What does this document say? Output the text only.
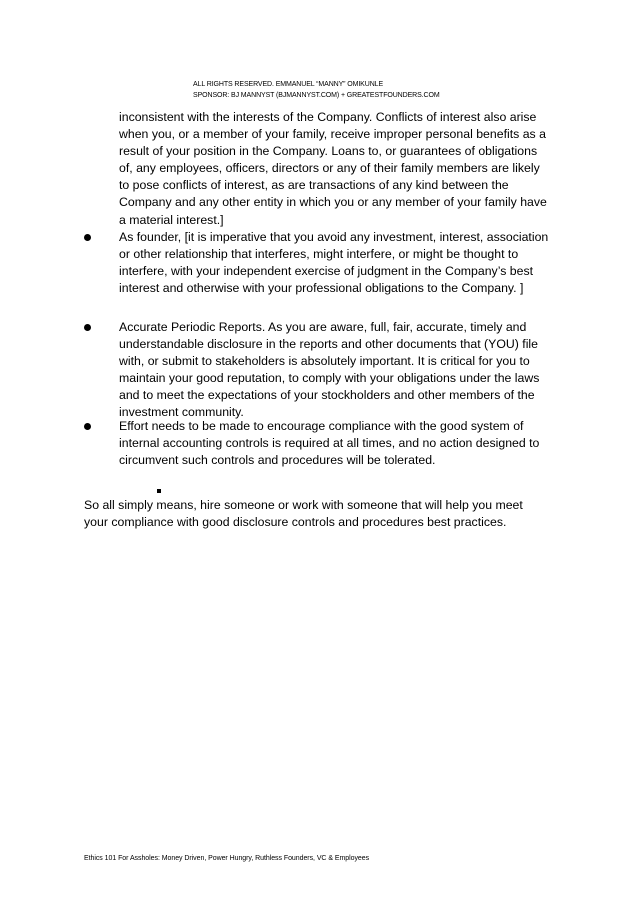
ALL RIGHTS RESERVED. EMMANUEL “MANNY” OMIKUNLE
SPONSOR: BJ MANNYST (BJMANNYST.COM) + GREATESTFOUNDERS.COM
inconsistent with the interests of the Company. Conflicts of interest also arise when you, or a member of your family, receive improper personal benefits as a result of your position in the Company. Loans to, or guarantees of obligations of, any employees, officers, directors or any of their family members are likely to pose conflicts of interest, as are transactions of any kind between the Company and any other entity in which you or any member of your family have a material interest.]
As founder, [it is imperative that you avoid any investment, interest, association or other relationship that interferes, might interfere, or might be thought to interfere, with your independent exercise of judgment in the Company’s best interest and otherwise with your professional obligations to the Company. ]
Accurate Periodic Reports. As you are aware, full, fair, accurate, timely and understandable disclosure in the reports and other documents that (YOU) file with, or submit to stakeholders is absolutely important. It is critical for you to maintain your good reputation, to comply with your obligations under the laws and to meet the expectations of your stockholders and other members of the investment community.
Effort needs to be made to encourage compliance with the good system of internal accounting controls is required at all times, and no action designed to circumvent such controls and procedures will be tolerated.
So all simply means, hire someone or work with someone that will help you meet your compliance with good disclosure controls and procedures best practices.
Ethics 101 For Assholes: Money Driven, Power Hungry, Ruthless Founders, VC & Employees
